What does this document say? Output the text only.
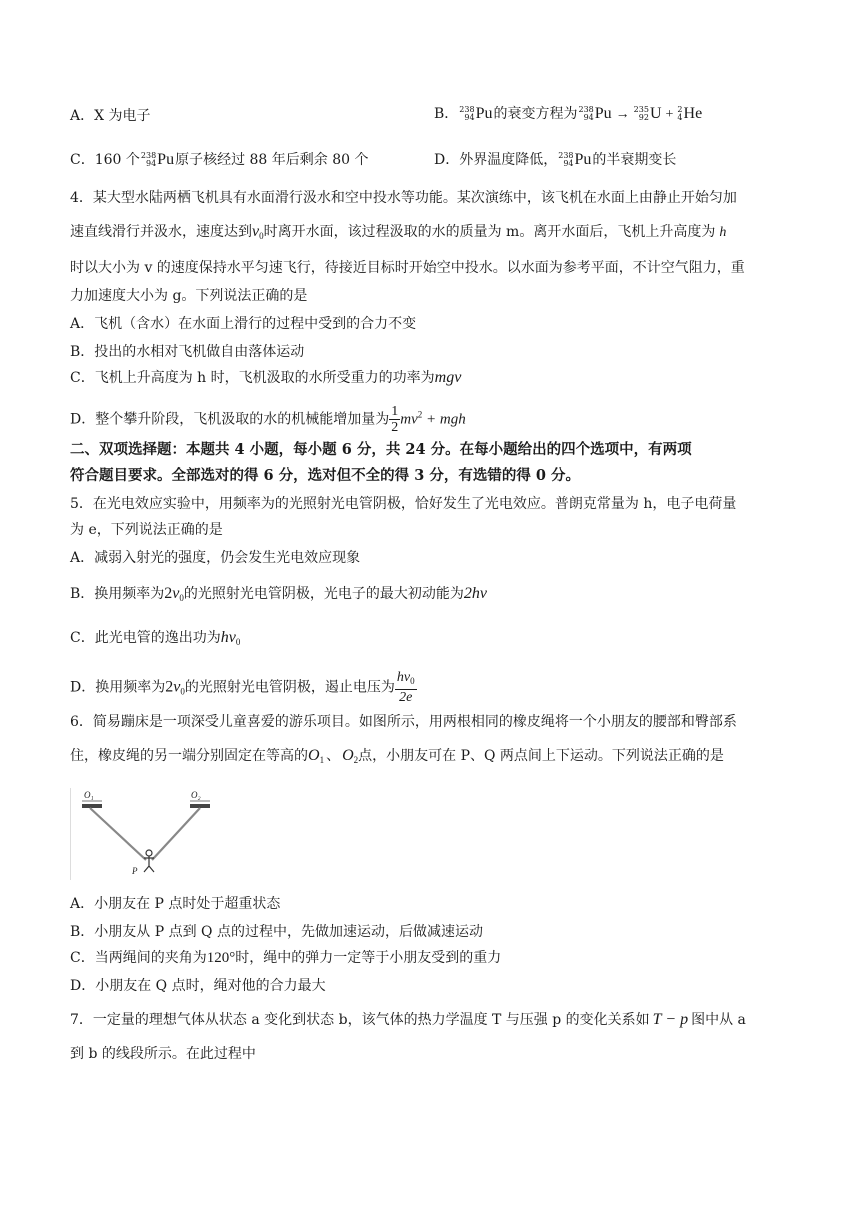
A．X 为电子	B． 238
94 Pu 的衰变方程为 238
94 Pu → 235
92 U + 2
4 He
C．160 个 238
94 Pu 原子核经过 88 年后剩余 80 个	D．外界温度降低， 238
94 Pu 的半衰期变长
4．某大型水陆两栖飞机具有水面滑行汲水和空中投水等功能。某次演练中，该飞机在水面上由静止开始匀加
速直线滑行并汲水，速度达到$v_0$时离开水面，该过程汲取的水的质量为 m。离开水面后，飞机上升高度为 h
时以大小为 v 的速度保持水平匀速飞行，待接近目标时开始空中投水。以水面为参考平面，不计空气阻力，重
力加速度大小为 g。下列说法正确的是
A．飞机（含水）在水面上滑行的过程中受到的合力不变
B．投出的水相对飞机做自由落体运动
C．飞机上升高度为 h 时，飞机汲取的水所受重力的功率为mgv
D．整个攀升阶段，飞机汲取的水的机械能增加量为 $\frac{1}{2} mv^2$ + mgh
二、双项选择题：本题共 4 小题，每小题 6 分，共 24 分。在每小题给出的四个选项中，有两项
符合题目要求。全部选对的得 6 分，选对但不全的得 3 分，有选错的得 0 分。
5．在光电效应实验中，用频率为的光照射光电管阴极，恰好发生了光电效应。普朗克常量为 h，电子电荷量
为 e，下列说法正确的是
A．减弱入射光的强度，仍会发生光电效应现象
B．换用频率为$2v_0$的光照射光电管阴极，光电子的最大初动能为2hv
C．此光电管的逸出功为$hv_0$
D．换用频率为$2v_0$的光照射光电管阴极，遏止电压为 $\frac{hv_0}{2e}$
6．简易蹦床是一项深受儿童喜爱的游乐项目。如图所示，用两根相同的橡皮绳将一个小朋友的腰部和臀部系
住，橡皮绳的另一端分别固定在等高的$O_1$ 、 $O_2$点，小朋友可在 P、Q 两点间上下运动。下列说法正确的是
O₁	O₂
P
A．小朋友在 P 点时处于超重状态
B．小朋友从 P 点到 Q 点的过程中，先做加速运动，后做减速运动
C．当两绳间的夹角为120°时，绳中的弹力一定等于小朋友受到的重力
D．小朋友在 Q 点时，绳对他的合力最大
7．一定量的理想气体从状态 a 变化到状态 b，该气体的热力学温度 T 与压强 p 的变化关系如 T − p 图中从 a
到 b 的线段所示。在此过程中
